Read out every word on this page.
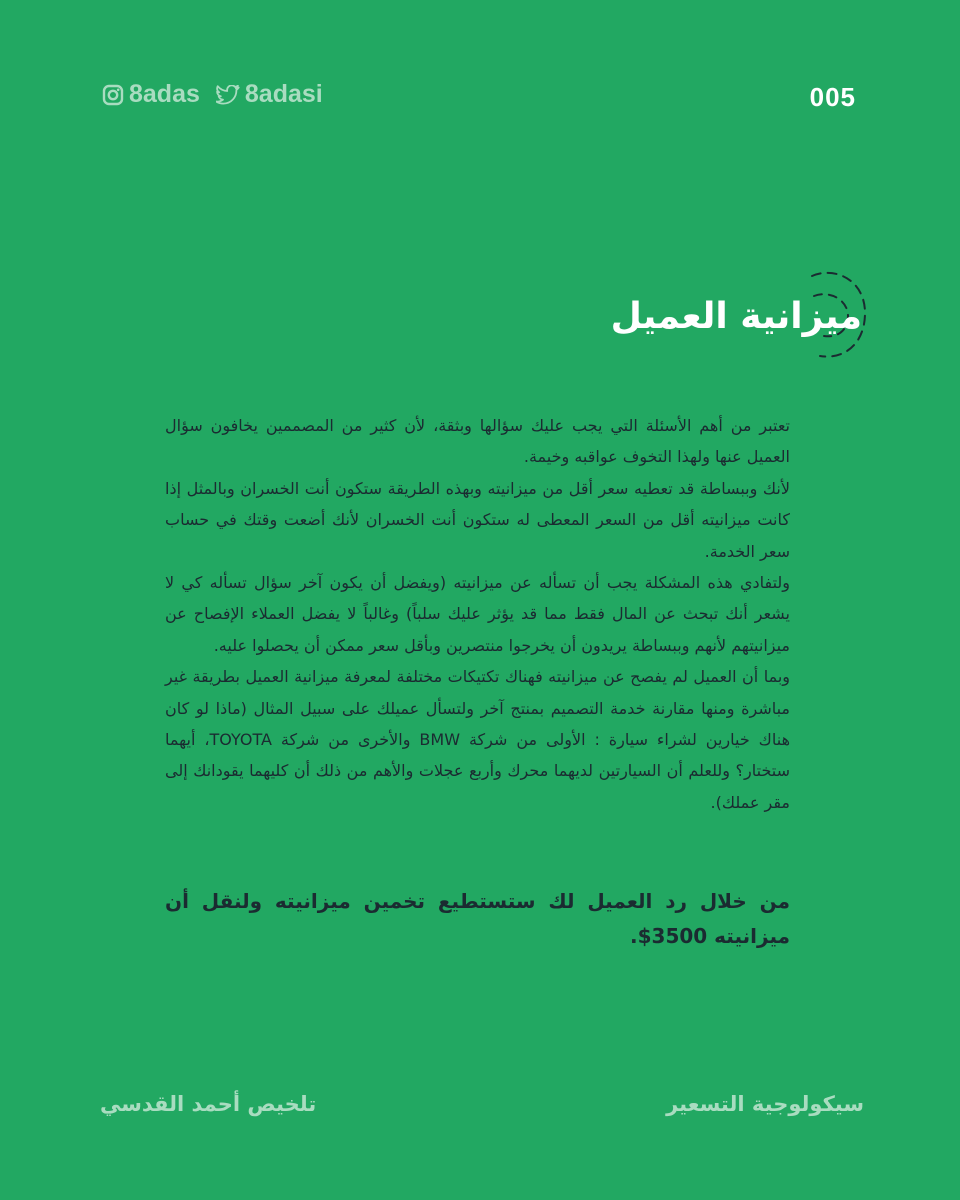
8adas 8adasi	005
ميزانية العميل

تعتبر من أهم الأسئلة التي يجب عليك سؤالها وبثقة، لأن كثير من المصممين يخافون سؤال العميل عنها ولهذا التخوف عواقبه وخيمة.

لأنك وببساطة قد تعطيه سعر أقل من ميزانيته وبهذه الطريقة ستكون أنت الخسران وبالمثل إذا كانت ميزانيته أقل من السعر المعطى له ستكون أنت الخسران لأنك أضعت وقتك في حساب سعر الخدمة.

ولتفادي هذه المشكلة يجب أن تسأله عن ميزانيته (ويفضل أن يكون آخر سؤال تسأله كي لا يشعر أنك تبحث عن المال فقط مما قد يؤثر عليك سلباً) وغالباً لا يفضل العملاء الإفصاح عن ميزانيتهم لأنهم وببساطة يريدون أن يخرجوا منتصرين وبأقل سعر ممكن أن يحصلوا عليه.

وبما أن العميل لم يفصح عن ميزانيته فهناك تكتيكات مختلفة لمعرفة ميزانية العميل بطريقة غير مباشرة ومنها مقارنة خدمة التصميم بمنتج آخر ولتسأل عميلك على سبيل المثال (ماذا لو كان هناك خيارين لشراء سيارة : الأولى من شركة BMW والأخرى من شركة TOYOTA، أيهما ستختار؟ وللعلم أن السيارتين لديهما محرك وأربع عجلات والأهم من ذلك أن كليهما يقودانك إلى مقر عملك).

من خلال رد العميل لك ستستطيع تخمين ميزانيته ولنقل أن ميزانيته 3500$.
سيكولوجية التسعير
تلخيص أحمد القدسي
